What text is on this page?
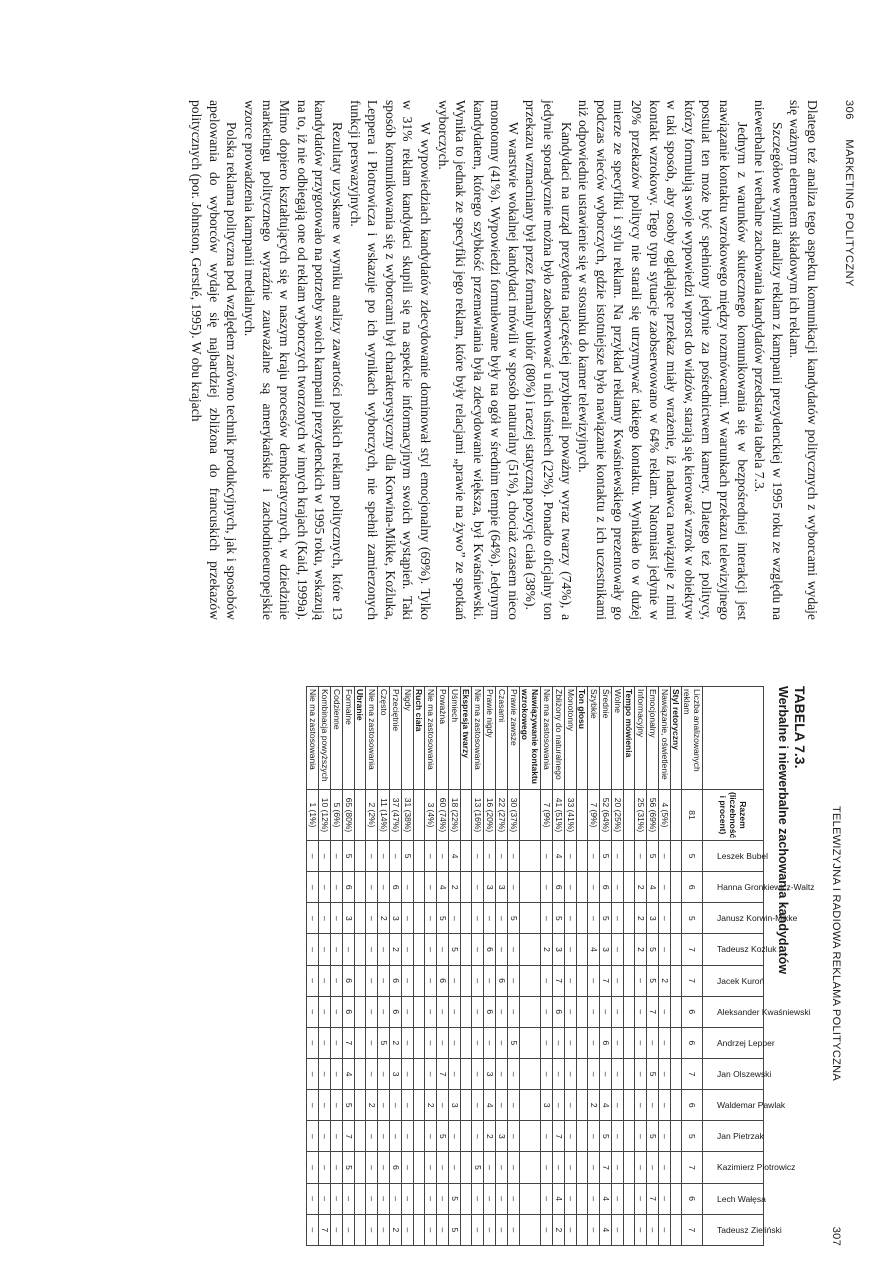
306 MARKETING POLITYCZNY

Dlatego też analiza tego aspektu komunikacji kandydatów politycznych z wyborcami wydaje się ważnym elementem składowym ich reklam.

Szczegółowe wyniki analizy reklam z kampanii prezydenckiej w 1995 roku ze względu na niewerbalne i werbalne zachowania kandydatów przedstawia tabela 7.3.

Jednym z warunków skutecznego komunikowania się w bezpośredniej interakcji jest nawiązanie kontaktu wzrokowego między rozmówcami. W warunkach przekazu telewizyjnego postulat ten może być spełniony jedynie za pośrednictwem kamery. Dlatego też politycy, którzy formułują swoje wypowiedzi wprost do widzów, starają się kierować wzrok w obiektyw w taki sposób, aby osoby oglądające przekaz miały wrażenie, iż nadawca nawiązuje z nimi kontakt wzrokowy. Tego typu sytuacje zaobserwowano w 64% reklam. Natomiast jedynie w 20% przekazów politycy nie starali się utrzymywać takiego kontaktu. Wynikało to w dużej mierze ze specyfiki i stylu reklam. Na przykład reklamy Kwaśniewskiego prezentowały go podczas wieców wyborczych, gdzie istotniejsze było nawiązanie kontaktu z ich uczestnikami niż odpowiednie ustawienie się w stosunku do kamer telewizyjnych.

Kandydaci na urząd prezydenta najczęściej przybierali poważny wyraz twarzy (74%), a jedynie sporadycznie można było zaobserwować u nich uśmiech (22%). Ponadto oficjalny ton przekazu wzmacniany był przez formalny ubiór (80%) i raczej statyczną pozycję ciała (38%).

W warstwie wokalnej kandydaci mówili w sposób naturalny (51%), chociaż czasem nieco monotonny (41%). Wypowiedzi formułowane były na ogół w średnim tempie (64%). Jedynym kandydatem, którego szybkość przemawiania była zdecydowanie większa, był Kwaśniewski. Wynika to jednak ze specyfiki jego reklam, które były relacjami „prawie na żywo” ze spotkań wyborczych.

W wypowiedziach kandydatów zdecydowanie dominował styl emocjonalny (69%). Tylko w 31% reklam kandydaci skupili się na aspekcie informacyjnym swoich wystąpień. Taki sposób komunikowania się z wyborcami był charakterystyczny dla Korwina-Mikke, Koźluka, Leppera i Piotrowicza i wskazuje po ich wynikach wyborczych, nie spełnił zamierzonych funkcji perswazyjnych.

Rezultaty uzyskane w wyniku analizy zawartości polskich reklam politycznych, które 13 kandydatów przygotowało na potrzeby swoich kampanii prezydenckich w 1995 roku, wskazują na to, iż nie odbiegają one od reklam wyborczych tworzonych w innych krajach (Kaid, 1999a). Mimo dopiero kształtujących się w naszym kraju procesów demokratycznych, w dziedzinie marketingu politycznego wyraźnie zauważalne są amerykańskie i zachodnioeuropejskie wzorce prowadzenia kampanii medialnych.

Polska reklama polityczna pod względem zarówno technik produkcyjnych, jak i sposobów apelowania do wyborców wydaje się najbardziej zbliżona do francuskich przekazów politycznych (por. Johnston, Gerstlé, 1995). W obu krajach

TELEWIZYJNA I RADIOWA REKLAMA POLITYCZNA
307
TABELA 7.3.
Werbalne i niewerbalne zachowania kandydatów
	Razem (liczebność i procent)	Leszek Bubel	Hanna Gronkiewicz-Waltz	Janusz Korwin-Mikke	Tadeusz Koźluk	Jacek Kuroń	Aleksander Kwaśniewski	Andrzej Lepper	Jan Olszewski	Waldemar Pawlak	Jan Pietrzak	Kazimierz Piotrowicz	Lech Wałęsa	Tadeusz Zieliński

Liczba analizowanych reklam	81	5	6	5	7	7	6	6	7	6	5	7	6	7
Styl retoryczny														
Nawiązanie, oświetlenie	4 (5%)	–	–	–	–	2	–	–	–	–	–	–	–	–
Emocjonalny	56 (69%)	5	4	3	5	5	7	–	5	–	5	–	7	–
Informacyjny	25 (31%)	–	2	2	2	–	–	–	–	–	–	–	–	–
Tempo mówienia														
Wolne	20 (25%)	–	–	–	–	–	–	–	–	–	–	–	–	–
Średnie	52 (64%)	5	6	5	3	7	–	6	–	4	5	7	4	4
Szybkie	7 (9%)	–	–	–	4	–	–	–	–	2	–	–	–	–
Ton głosu														
Monotonny	33 (41%)	–	–	–	–	–	–	–	–	–	–	–	–	–
Zbliżony do naturalnego	41 (51%)	4	6	5	3	7	6	–	–	–	7	–	4	2
Nie ma zastosowania	7 (9%)	–	–	–	2	–	–	–	–	3	–	–	–	–
Nawiązywanie kontaktu wzrokowego														
Prawie zawsze	30 (37%)	–	–	5	–	–	–	5	–	–	–	–	–	–
Czasami	22 (27%)	–	3	–	–	6	–	–	–	–	3	–	–	–
Prawie nigdy	16 (20%)	–	3	–	6	–	6	–	3	4	2	–	–	–
Nie ma zastosowania	13 (16%)	–	–	–	–	–	–	–	–	–	–	5	–	–
Ekspresja twarzy														
Uśmiech	18 (22%)	4	2	–	5	–	–	–	–	3	–	–	5	5
Poważna	60 (74%)	–	4	5	–	6	–	–	7	–	5	–	–	–
Nie ma zastosowania	3 (4%)	–	–	–	–	–	–	–	–	2	–	–	–	–
Ruch ciała														
Nigdy	31 (38%)	5	–	–	–	–	–	–	–	–	–	–	–	–
Przeciętnie	37 (47%)	–	6	3	2	6	6	2	3	–	–	6	–	2
Często	11 (14%)	–	–	2	–	–	–	5	–	–	–	–	–	–
Nie ma zastosowania	2 (2%)	–	–	–	–	–	–	–	–	2	–	–	–	–
Ubranie														
Formalne	65 (80%)	5	6	3	–	6	6	7	4	5	7	5	–	–
Codzienne	5 (6%)	–	–	–	–	–	–	–	–	–	–	–	–	–
Kombinacja powyższych	10 (12%)	–	–	–	–	–	–	–	–	–	–	–	–	7
Nie ma zastosowania	1 (1%)	–	–	–	–	–	–	–	–	–	–	–	–	–
